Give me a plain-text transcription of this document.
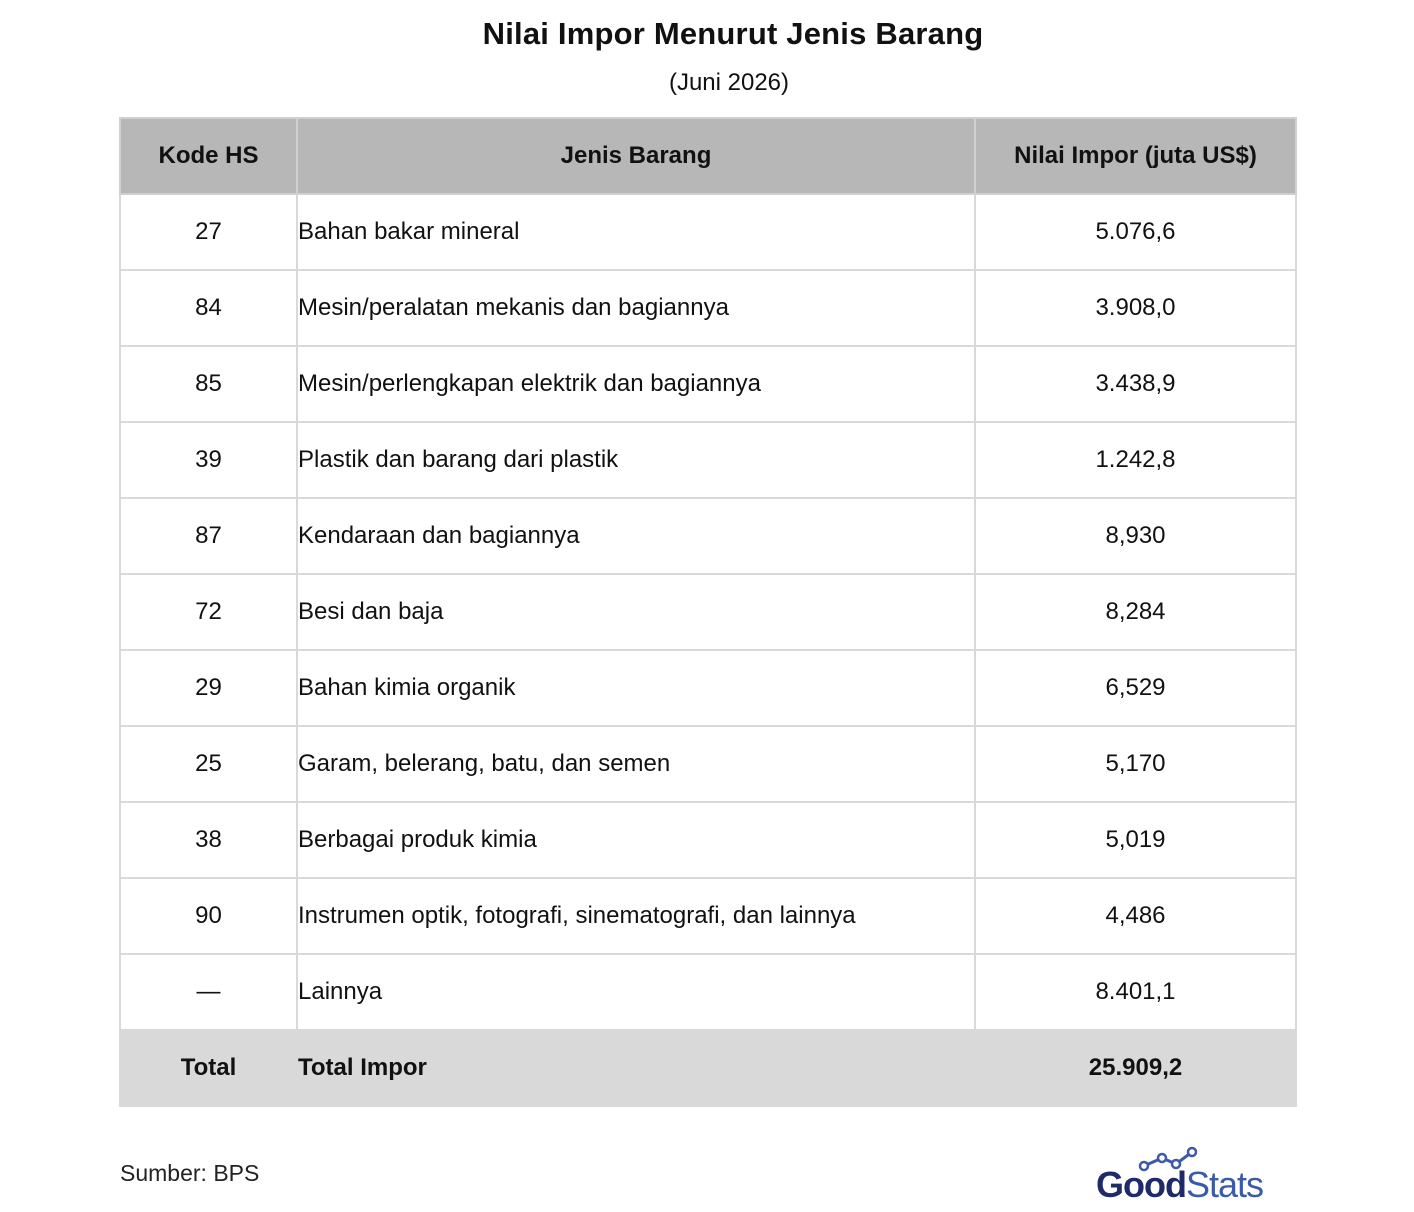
Nilai Impor Menurut Jenis Barang
(Juni 2026)
Kode HS	Jenis Barang	Nilai Impor (juta US$)
27	Bahan bakar mineral	5.076,6
84	Mesin/peralatan mekanis dan bagiannya	3.908,0
85	Mesin/perlengkapan elektrik dan bagiannya	3.438,9
39	Plastik dan barang dari plastik	1.242,8
87	Kendaraan dan bagiannya	8,930
72	Besi dan baja	8,284
29	Bahan kimia organik	6,529
25	Garam, belerang, batu, dan semen	5,170
38	Berbagai produk kimia	5,019
90	Instrumen optik, fotografi, sinematografi, dan lainnya	4,486
—	Lainnya	8.401,1
Total	Total Impor	25.909,2
Sumber: BPS	GoodStats
